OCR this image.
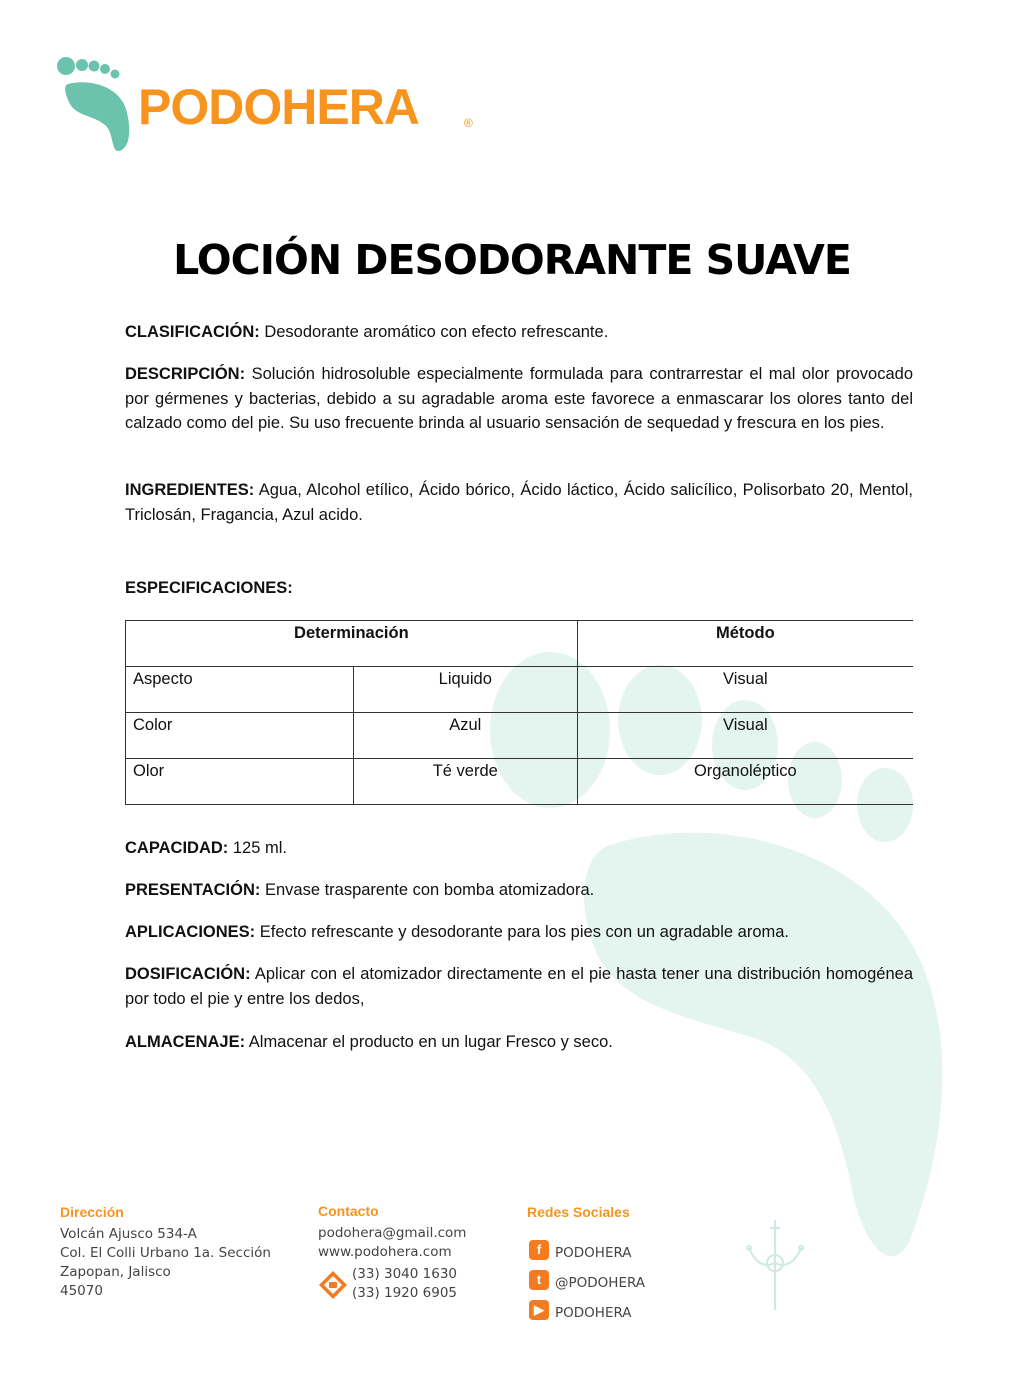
PODOHERA	®
LOCIÓN DESODORANTE SUAVE
CLASIFICACIÓN: Desodorante aromático con efecto refrescante.
DESCRIPCIÓN: Solución hidrosoluble especialmente formulada para contrarrestar el mal olor provocado por gérmenes y bacterias, debido a su agradable aroma este favorece a enmascarar los olores tanto del calzado como del pie. Su uso frecuente brinda al usuario sensación de sequedad y frescura en los pies.
INGREDIENTES: Agua, Alcohol etílico, Ácido bórico, Ácido láctico, Ácido salicílico, Polisorbato 20, Mentol, Triclosán, Fragancia, Azul acido.
ESPECIFICACIONES:
Determinación		Método
Aspecto	Liquido	Visual
Color	Azul	Visual
Olor	Té verde	Organoléptico
CAPACIDAD: 125 ml.
PRESENTACIÓN: Envase trasparente con bomba atomizadora.
APLICACIONES: Efecto refrescante y desodorante para los pies con un agradable aroma.
DOSIFICACIÓN: Aplicar con el atomizador directamente en el pie hasta tener una distribución homogénea por todo el pie y entre los dedos,
ALMACENAJE: Almacenar el producto en un lugar Fresco y seco.
Dirección
Volcán Ajusco 534-A
Col. El Colli Urbano 1a. Sección
Zapopan, Jalisco
45070
Contacto
podohera@gmail.com
www.podohera.com
(33) 3040 1630
(33) 1920 6905
Redes Sociales
f	PODOHERA
t	@PODOHERA
▶ PODOHERA
